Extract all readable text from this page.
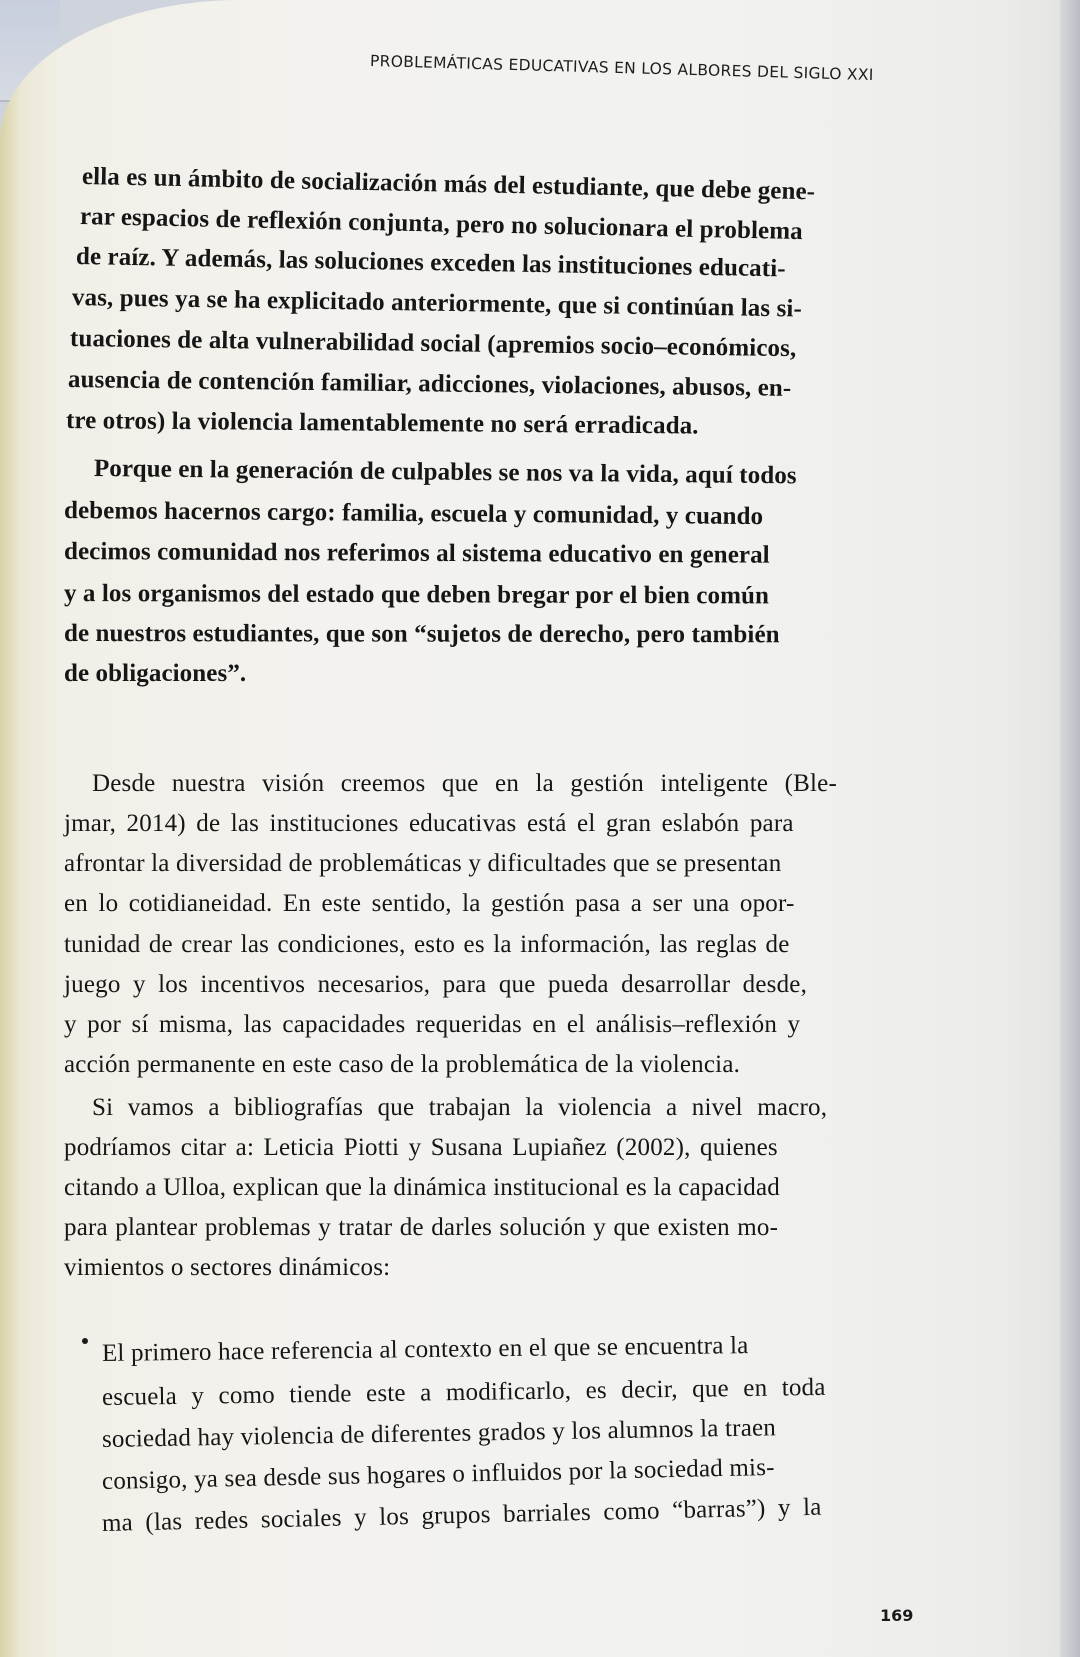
PROBLEMÁTICAS EDUCATIVAS EN LOS ALBORES DEL SIGLO XXI
ella es un ámbito de socialización más del estudiante, que debe gene-
rar espacios de reflexión conjunta, pero no solucionara el problema
de raíz. Y además, las soluciones exceden las instituciones educati-
vas, pues ya se ha explicitado anteriormente, que si continúan las si-
tuaciones de alta vulnerabilidad social (apremios socio–económicos,
ausencia de contención familiar, adicciones, violaciones, abusos, en-
tre otros) la violencia lamentablemente no será erradicada.
Porque en la generación de culpables se nos va la vida, aquí todos
debemos hacernos cargo: familia, escuela y comunidad, y cuando
decimos comunidad nos referimos al sistema educativo en general
y a los organismos del estado que deben bregar por el bien común
de nuestros estudiantes, que son “sujetos de derecho, pero también
de obligaciones”.
Desde nuestra visión creemos que en la gestión inteligente (Ble-
jmar, 2014) de las instituciones educativas está el gran eslabón para
afrontar la diversidad de problemáticas y dificultades que se presentan
en lo cotidianeidad. En este sentido, la gestión pasa a ser una opor-
tunidad de crear las condiciones, esto es la información, las reglas de
juego y los incentivos necesarios, para que pueda desarrollar desde,
y por sí misma, las capacidades requeridas en el análisis–reflexión y
acción permanente en este caso de la problemática de la violencia.
Si vamos a bibliografías que trabajan la violencia a nivel macro,
podríamos citar a: Leticia Piotti y Susana Lupiañez (2002), quienes
citando a Ulloa, explican que la dinámica institucional es la capacidad
para plantear problemas y tratar de darles solución y que existen mo-
vimientos o sectores dinámicos:
El primero hace referencia al contexto en el que se encuentra la
escuela y como tiende este a modificarlo, es decir, que en toda
sociedad hay violencia de diferentes grados y los alumnos la traen
consigo, ya sea desde sus hogares o influidos por la sociedad mis-
ma (las redes sociales y los grupos barriales como “barras”) y la
169
